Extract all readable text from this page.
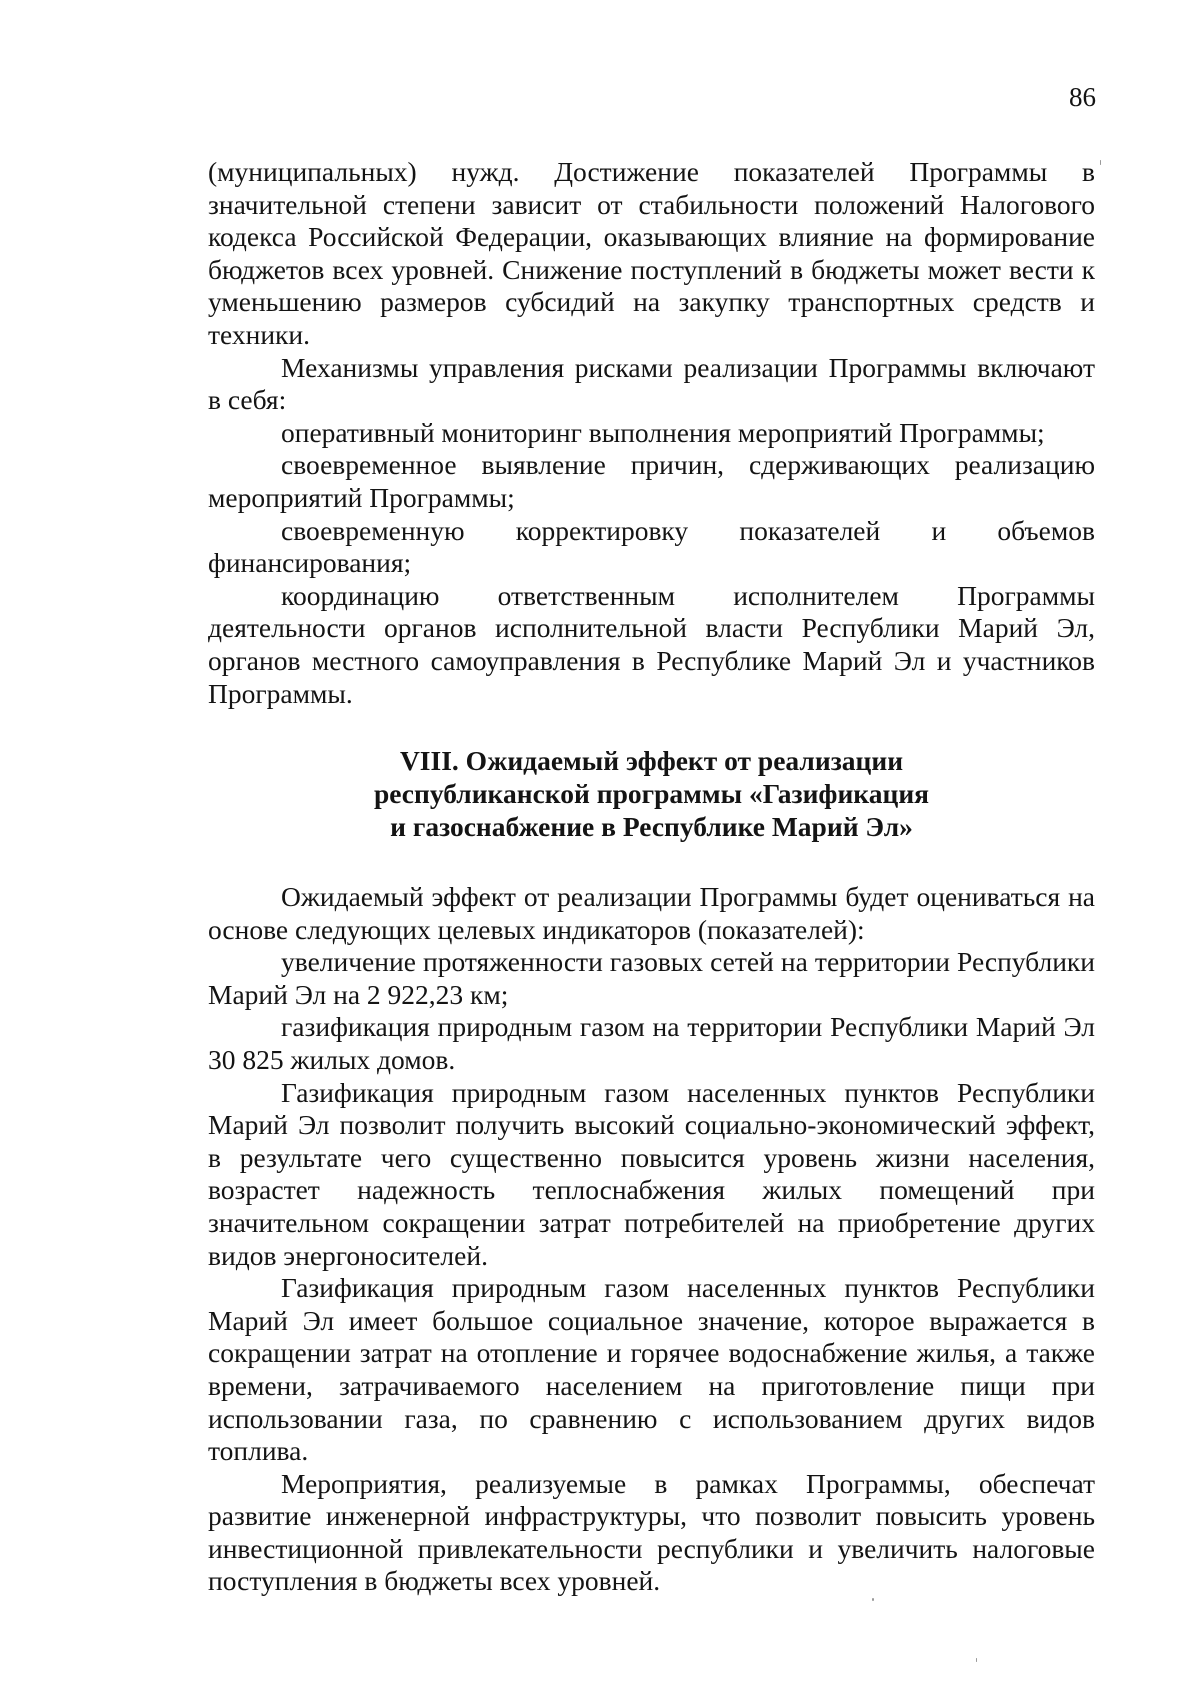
86

(муниципальных) нужд. Достижение показателей Программы в значительной степени зависит от стабильности положений Налогового кодекса Российской Федерации, оказывающих влияние на формирование бюджетов всех уровней. Снижение поступлений в бюджеты может вести к уменьшению размеров субсидий на закупку транспортных средств и техники.

Механизмы управления рисками реализации Программы включают в себя:

оперативный мониторинг выполнения мероприятий Программы;

своевременное выявление причин, сдерживающих реализацию мероприятий Программы;

своевременную корректировку показателей и объемов финансирования;

координацию ответственным исполнителем Программы деятельности органов исполнительной власти Республики Марий Эл, органов местного самоуправления в Республике Марий Эл и участников Программы.

VIII. Ожидаемый эффект от реализации
республиканской программы «Газификация
и газоснабжение в Республике Марий Эл»

Ожидаемый эффект от реализации Программы будет оцениваться на основе следующих целевых индикаторов (показателей):

увеличение протяженности газовых сетей на территории Республики Марий Эл на 2 922,23 км;

газификация природным газом на территории Республики Марий Эл 30 825 жилых домов.

Газификация природным газом населенных пунктов Республики Марий Эл позволит получить высокий социально-экономический эффект, в результате чего существенно повысится уровень жизни населения, возрастет надежность теплоснабжения жилых помещений при значительном сокращении затрат потребителей на приобретение других видов энергоносителей.

Газификация природным газом населенных пунктов Республики Марий Эл имеет большое социальное значение, которое выражается в сокращении затрат на отопление и горячее водоснабжение жилья, а также времени, затрачиваемого населением на приготовление пищи при использовании газа, по сравнению с использованием других видов топлива.

Мероприятия, реализуемые в рамках Программы, обеспечат развитие инженерной инфраструктуры, что позволит повысить уровень инвестиционной привлекательности республики и увеличить налоговые поступления в бюджеты всех уровней.
